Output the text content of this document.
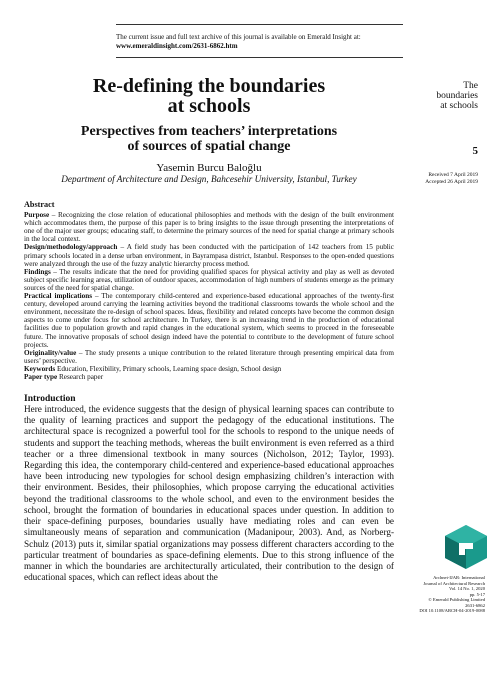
The current issue and full text archive of this journal is available on Emerald Insight at:
www.emeraldinsight.com/2631-6862.htm
Re-defining the boundaries
at schools
Perspectives from teachers’ interpretations
of sources of spatial change
Yasemin Burcu Baloğlu
Department of Architecture and Design, Bahcesehir University, Istanbul, Turkey
Abstract

Purpose – Recognizing the close relation of educational philosophies and methods with the design of the built environment which accommodates them, the purpose of this paper is to bring insights to the issue through presenting the interpretations of one of the major user groups; educating staff, to determine the primary sources of the need for spatial change at primary schools in the local context.

Design/methodology/approach – A field study has been conducted with the participation of 142 teachers from 15 public primary schools located in a dense urban environment, in Bayrampasa district, Istanbul. Responses to the open-ended questions were analyzed through the use of the fuzzy analytic hierarchy process method.

Findings – The results indicate that the need for providing qualified spaces for physical activity and play as well as devoted subject specific learning areas, utilization of outdoor spaces, accommodation of high numbers of students emerge as the primary sources of the need for spatial change.

Practical implications – The contemporary child-centered and experience-based educational approaches of the twenty-first century, developed around carrying the learning activities beyond the traditional classrooms towards the whole school and the environment, necessitate the re-design of school spaces. Ideas, flexibility and related concepts have become the common design aspects to come under focus for school architecture. In Turkey, there is an increasing trend in the production of educational facilities due to population growth and rapid changes in the educational system, which seems to proceed in the foreseeable future. The innovative proposals of school design indeed have the potential to contribute to the development of future school projects.

Originality/value – The study presents a unique contribution to the related literature through presenting empirical data from users’ perspective.

Keywords Education, Flexibility, Primary schools, Learning space design, School design

Paper type Research paper

Introduction

Here introduced, the evidence suggests that the design of physical learning spaces can contribute to the quality of learning practices and support the pedagogy of the educational institutions. The architectural space is recognized a powerful tool for the schools to respond to the unique needs of students and support the teaching methods, whereas the built environment is even referred as a third teacher or a three dimensional textbook in many sources (Nicholson, 2012; Taylor, 1993). Regarding this idea, the contemporary child-centered and experience-based educational approaches have been introducing new typologies for school design emphasizing children’s interaction with their environment. Besides, their philosophies, which propose carrying the educational activities beyond the traditional classrooms to the whole school, and even to the environment besides the school, brought the formation of boundaries in educational spaces under question. In addition to their space-defining purposes, boundaries usually have mediating roles and can even be simultaneously means of separation and communication (Madanipour, 2003). And, as Norberg-Schulz (2013) puts it, similar spatial organizations may possess different characters according to the particular treatment of boundaries as space-defining elements. Due to this strong influence of the manner in which the boundaries are architecturally articulated, their contribution to the design of educational spaces, which can reflect ideas about the

The
boundaries
at schools
5
Received 7 April 2019
Accepted 26 April 2019
Archnet-IJAR: International
Journal of Architectural Research
Vol. 14 No. 1, 2020
pp. 5-17
© Emerald Publishing Limited
2631-6862
DOI 10.1108/ARCH-04-2019-0088
